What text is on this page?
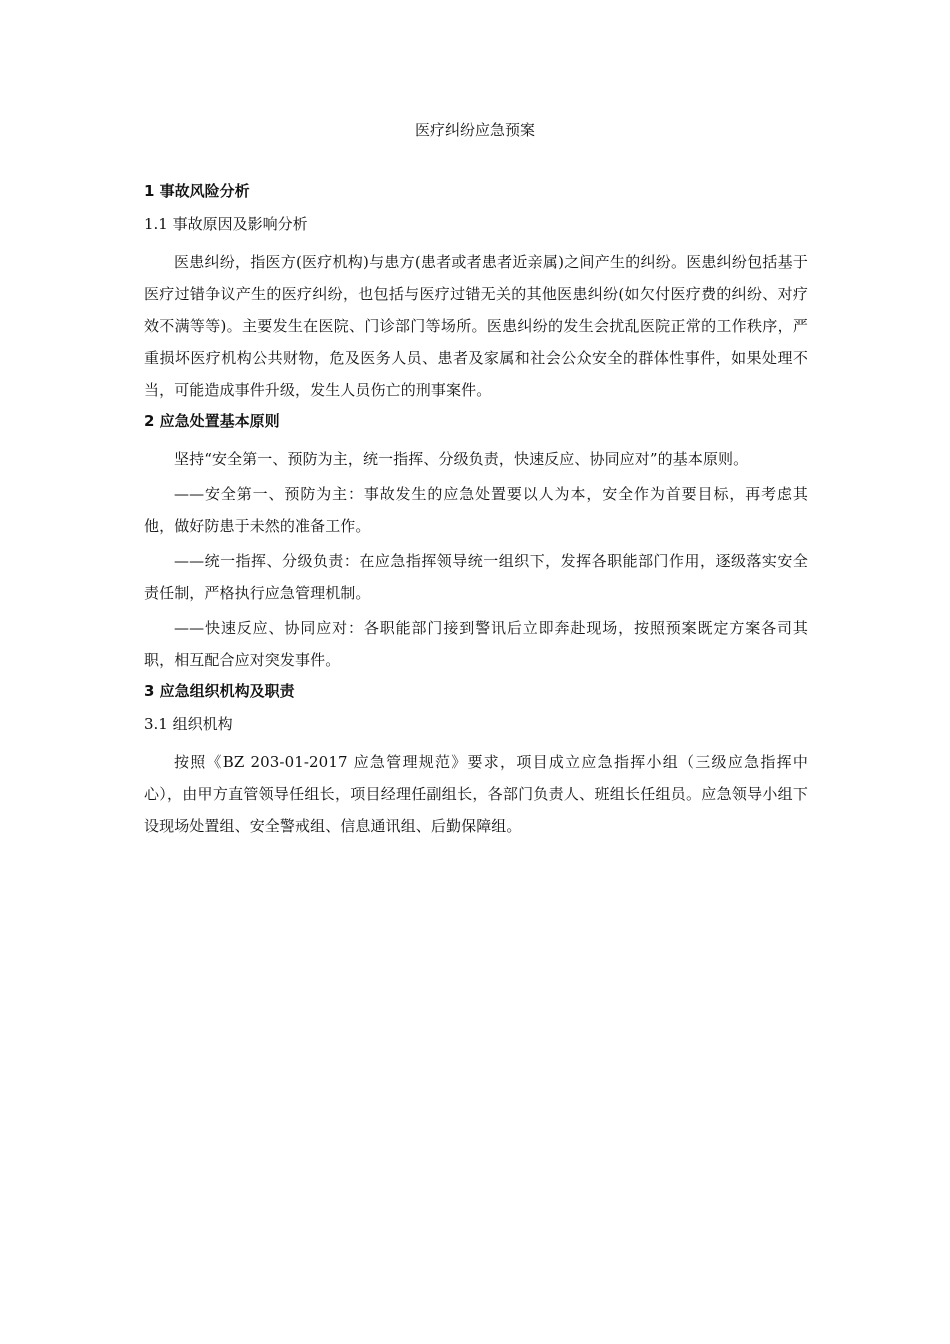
医疗纠纷应急预案
1 事故风险分析
1.1 事故原因及影响分析
医患纠纷，指医方(医疗机构)与患方(患者或者患者近亲属)之间产生的纠纷。医患纠纷包括基于医疗过错争议产生的医疗纠纷，也包括与医疗过错无关的其他医患纠纷(如欠付医疗费的纠纷、对疗效不满等等)。主要发生在医院、门诊部门等场所。医患纠纷的发生会扰乱医院正常的工作秩序，严重损坏医疗机构公共财物，危及医务人员、患者及家属和社会公众安全的群体性事件，如果处理不当，可能造成事件升级，发生人员伤亡的刑事案件。
2 应急处置基本原则
坚持“安全第一、预防为主，统一指挥、分级负责，快速反应、协同应对”的基本原则。
——安全第一、预防为主：事故发生的应急处置要以人为本，安全作为首要目标，再考虑其他，做好防患于未然的准备工作。
——统一指挥、分级负责：在应急指挥领导统一组织下，发挥各职能部门作用，逐级落实安全责任制，严格执行应急管理机制。
——快速反应、协同应对：各职能部门接到警讯后立即奔赴现场，按照预案既定方案各司其职，相互配合应对突发事件。
3 应急组织机构及职责
3.1 组织机构
按照《BZ 203-01-2017 应急管理规范》要求，项目成立应急指挥小组（三级应急指挥中心），由甲方直管领导任组长，项目经理任副组长，各部门负责人、班组长任组员。应急领导小组下设现场处置组、安全警戒组、信息通讯组、后勤保障组。
